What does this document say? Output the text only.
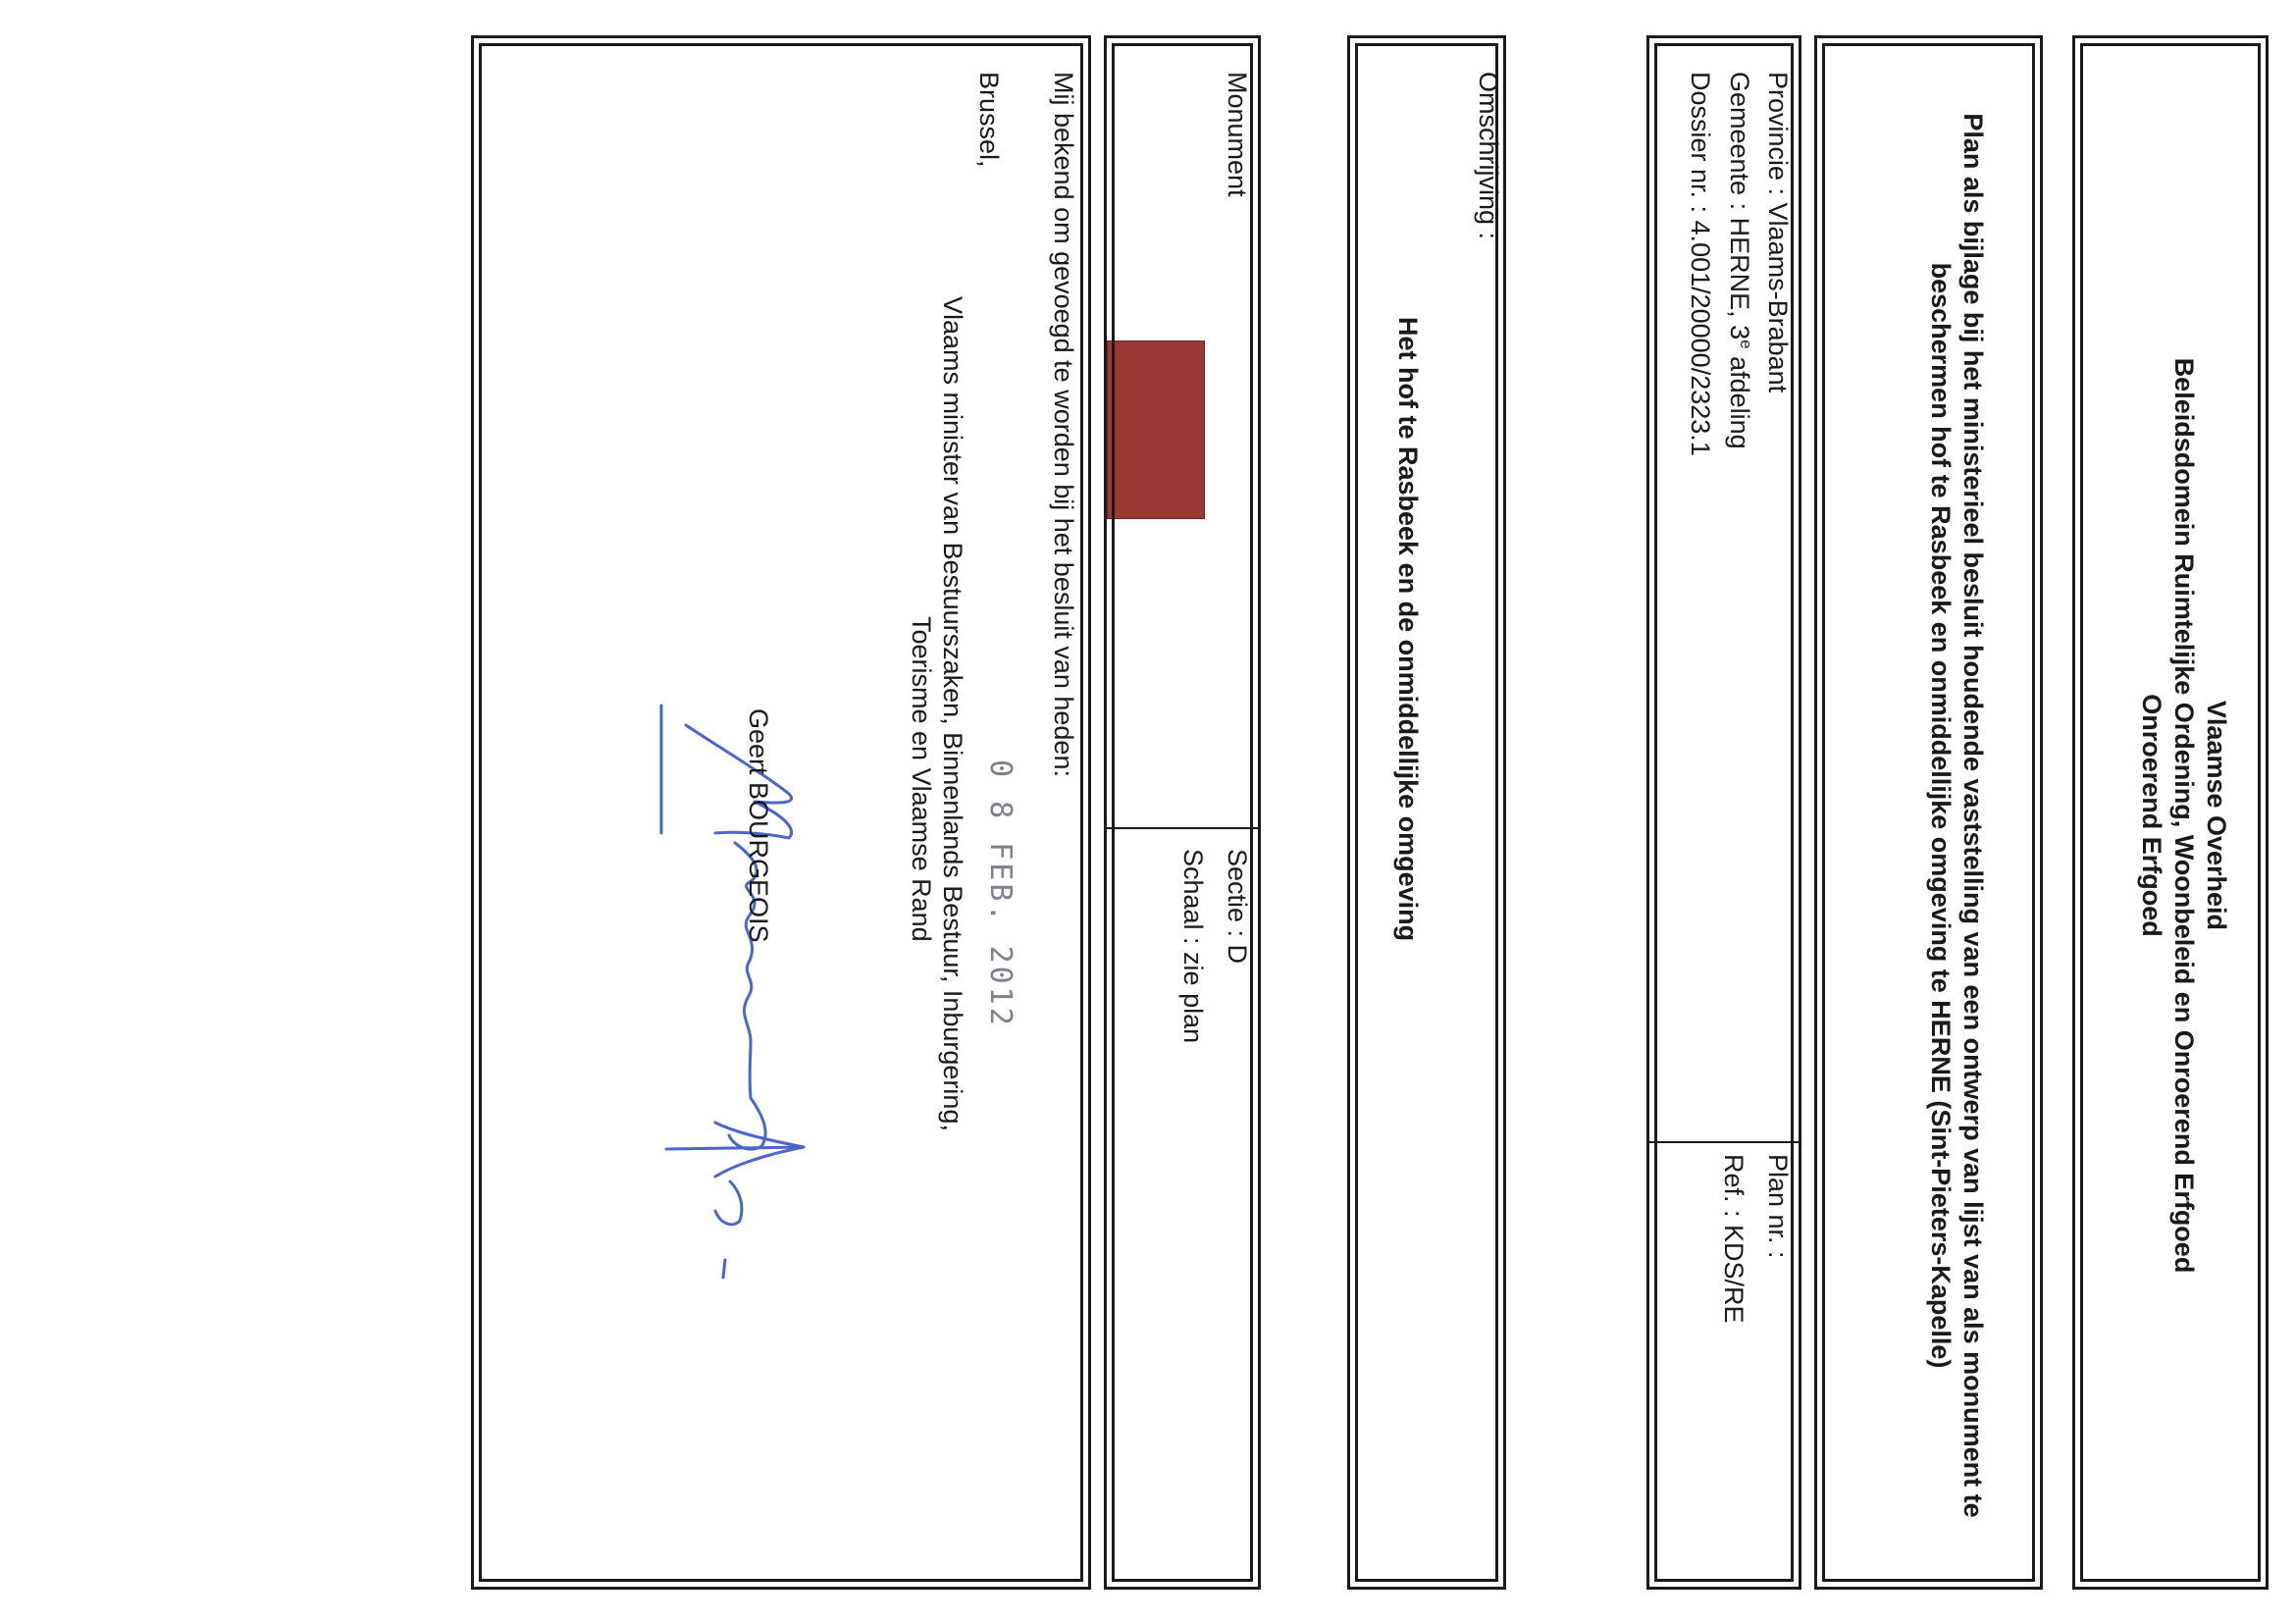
Vlaamse Overheid
Beleidsdomein Ruimtelijke Ordening, Woonbeleid en Onroerend Erfgoed
Onroerend Erfgoed
Plan als bijlage bij het ministerieel besluit houdende vaststelling van een ontwerp van lijst van als monument te beschermen hof te Rasbeek en onmiddellijke omgeving te HERNE (Sint-Pieters-Kapelle)
Provincie : Vlaams-Brabant
Gemeente : HERNE, 3e afdeling
Dossier nr. : 4.001/20000/2323.1
Plan nr. :
Ref. : KDS/RE
Omschrijving :
Het hof te Rasbeek en de onmiddellijke omgeving
Monument
Sectie : D
Schaal : zie plan
Mij bekend om gevoegd te worden bij het besluit van heden:
0 8 FEB. 2012
Brussel,
Vlaams minister van Bestuurszaken, Binnenlands Bestuur, Inburgering,
Toerisme en Vlaamse Rand
Geert BOURGEOIS
